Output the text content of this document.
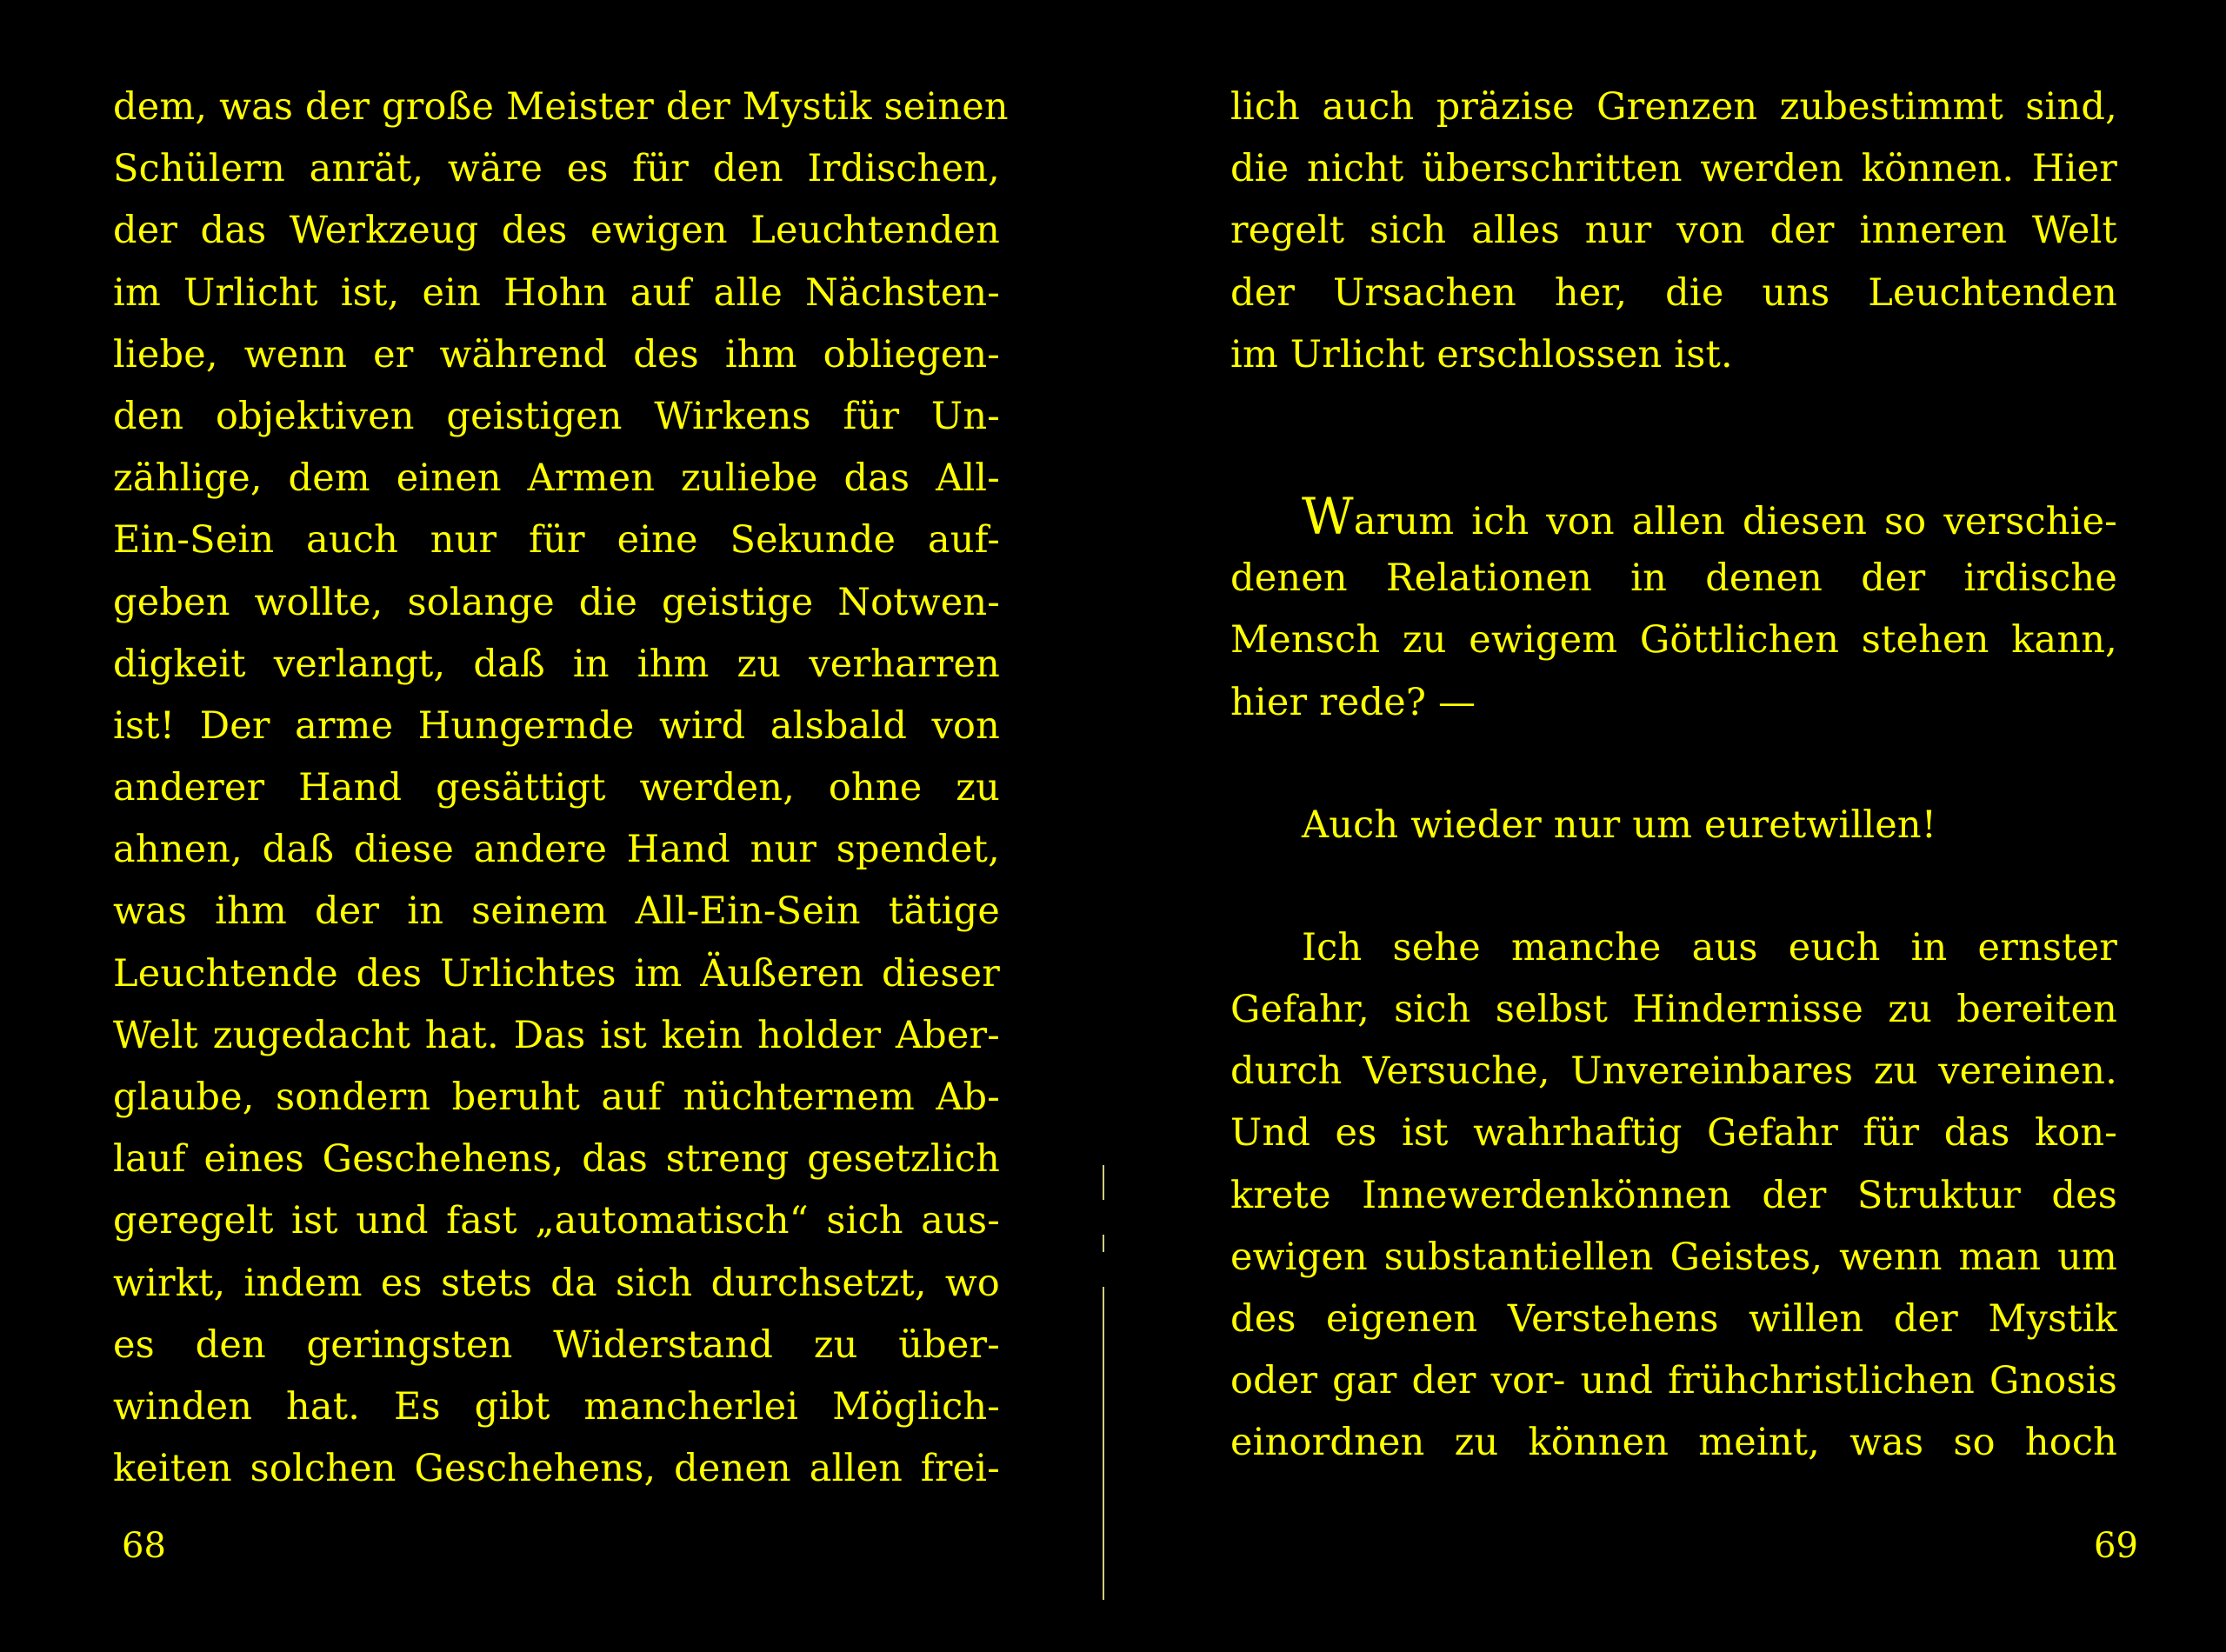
dem, was der große Meister der Mystik seinen
Schülern anrät, wäre es für den Irdischen,
der das Werkzeug des ewigen Leuchtenden
im Urlicht ist, ein Hohn auf alle Nächsten-
liebe, wenn er während des ihm obliegen-
den objektiven geistigen Wirkens für Un-
zählige, dem einen Armen zuliebe das All-
Ein-Sein auch nur für eine Sekunde auf-
geben wollte, solange die geistige Notwen-
digkeit verlangt, daß in ihm zu verharren
ist! Der arme Hungernde wird alsbald von
anderer Hand gesättigt werden, ohne zu
ahnen, daß diese andere Hand nur spendet,
was ihm der in seinem All-Ein-Sein tätige
Leuchtende des Urlichtes im Äußeren dieser
Welt zugedacht hat. Das ist kein holder Aber-
glaube, sondern beruht auf nüchternem Ab-
lauf eines Geschehens, das streng gesetzlich
geregelt ist und fast „automatisch“ sich aus-
wirkt, indem es stets da sich durchsetzt, wo
es den geringsten Widerstand zu über-
winden hat. Es gibt mancherlei Möglich-
keiten solchen Geschehens, denen allen frei-
68
lich auch präzise Grenzen zubestimmt sind,
die nicht überschritten werden können. Hier
regelt sich alles nur von der inneren Welt
der Ursachen her, die uns Leuchtenden
im Urlicht erschlossen ist.
Warum ich von allen diesen so verschie-
denen Relationen in denen der irdische
Mensch zu ewigem Göttlichen stehen kann,
hier rede? —
Auch wieder nur um euretwillen!
Ich sehe manche aus euch in ernster
Gefahr, sich selbst Hindernisse zu bereiten
durch Versuche, Unvereinbares zu vereinen.
Und es ist wahrhaftig Gefahr für das kon-
krete Innewerdenkönnen der Struktur des
ewigen substantiellen Geistes, wenn man um
des eigenen Verstehens willen der Mystik
oder gar der vor- und frühchristlichen Gnosis
einordnen zu können meint, was so hoch
69
